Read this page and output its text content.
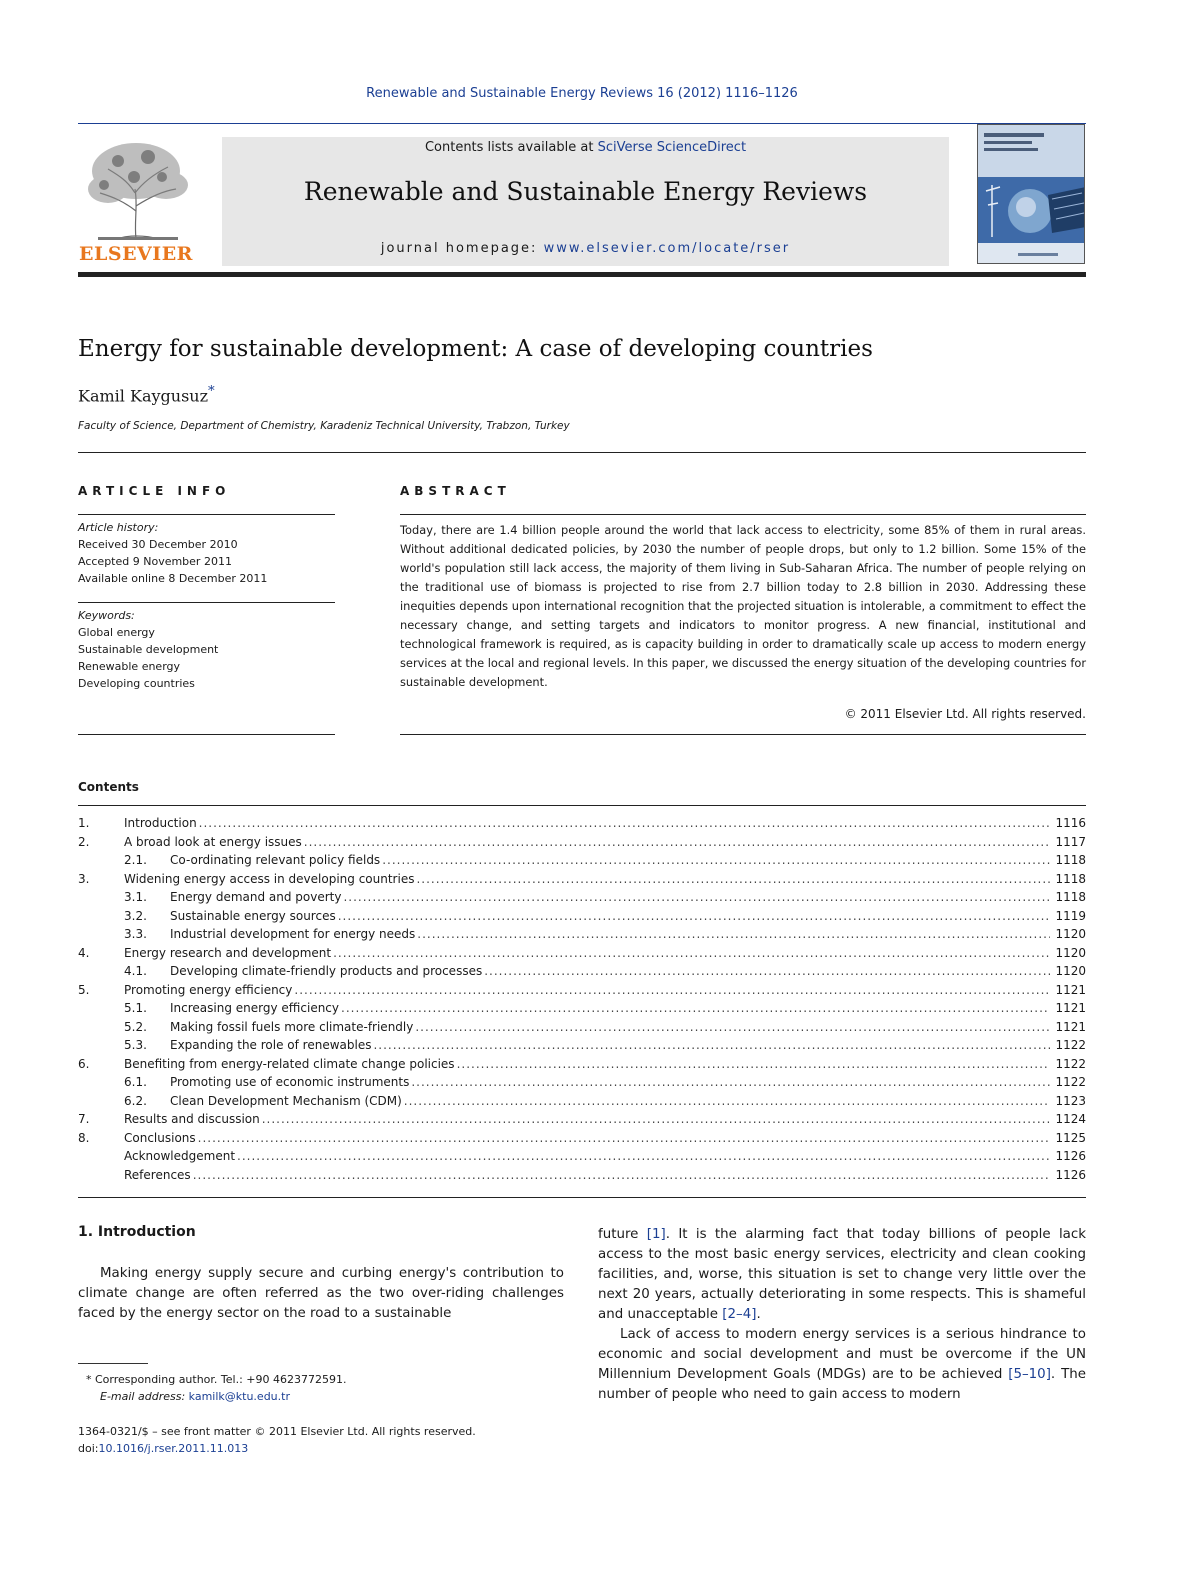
Renewable and Sustainable Energy Reviews 16 (2012) 1116–1126
ELSEVIER
Contents lists available at SciVerse ScienceDirect
Renewable and Sustainable Energy Reviews
journal homepage: www.elsevier.com/locate/rser
Energy for sustainable development: A case of developing countries
Kamil Kaygusuz*
Faculty of Science, Department of Chemistry, Karadeniz Technical University, Trabzon, Turkey
ARTICLE INFO
Article history:
Received 30 December 2010
Accepted 9 November 2011
Available online 8 December 2011
Keywords:
Global energy
Sustainable development
Renewable energy
Developing countries
ABSTRACT
Today, there are 1.4 billion people around the world that lack access to electricity, some 85% of them in rural areas. Without additional dedicated policies, by 2030 the number of people drops, but only to 1.2 billion. Some 15% of the world's population still lack access, the majority of them living in Sub-Saharan Africa. The number of people relying on the traditional use of biomass is projected to rise from 2.7 billion today to 2.8 billion in 2030. Addressing these inequities depends upon international recognition that the projected situation is intolerable, a commitment to effect the necessary change, and setting targets and indicators to monitor progress. A new financial, institutional and technological framework is required, as is capacity building in order to dramatically scale up access to modern energy services at the local and regional levels. In this paper, we discussed the energy situation of the developing countries for sustainable development.
© 2011 Elsevier Ltd. All rights reserved.
Contents
1.	Introduction .....	1116
2.	A broad look at energy issues .....	1117
2.1.	Co-ordinating relevant policy fields .....	1118
3.	Widening energy access in developing countries .....	1118
3.1.	Energy demand and poverty .....	1118
3.2.	Sustainable energy sources .....	1119
3.3.	Industrial development for energy needs .....	1120
4.	Energy research and development .....	1120
4.1.	Developing climate-friendly products and processes .....	1120
5.	Promoting energy efficiency .....	1121
5.1.	Increasing energy efficiency .....	1121
5.2.	Making fossil fuels more climate-friendly .....	1121
5.3.	Expanding the role of renewables .....	1122
6.	Benefiting from energy-related climate change policies .....	1122
6.1.	Promoting use of economic instruments .....	1122
6.2.	Clean Development Mechanism (CDM) .....	1123
7.	Results and discussion .....	1124
8.	Conclusions .....	1125
Acknowledgement .....	1126
References .....	1126
1. Introduction

Making energy supply secure and curbing energy's contribution to climate change are often referred as the two over-riding challenges faced by the energy sector on the road to a sustainable

future [1]. It is the alarming fact that today billions of people lack access to the most basic energy services, electricity and clean cooking facilities, and, worse, this situation is set to change very little over the next 20 years, actually deteriorating in some respects. This is shameful and unacceptable [2–4].

Lack of access to modern energy services is a serious hindrance to economic and social development and must be overcome if the UN Millennium Development Goals (MDGs) are to be achieved [5–10]. The number of people who need to gain access to modern

* Corresponding author. Tel.: +90 4623772591.
E-mail address: kamilk@ktu.edu.tr
1364-0321/$ – see front matter © 2011 Elsevier Ltd. All rights reserved.
doi:10.1016/j.rser.2011.11.013
